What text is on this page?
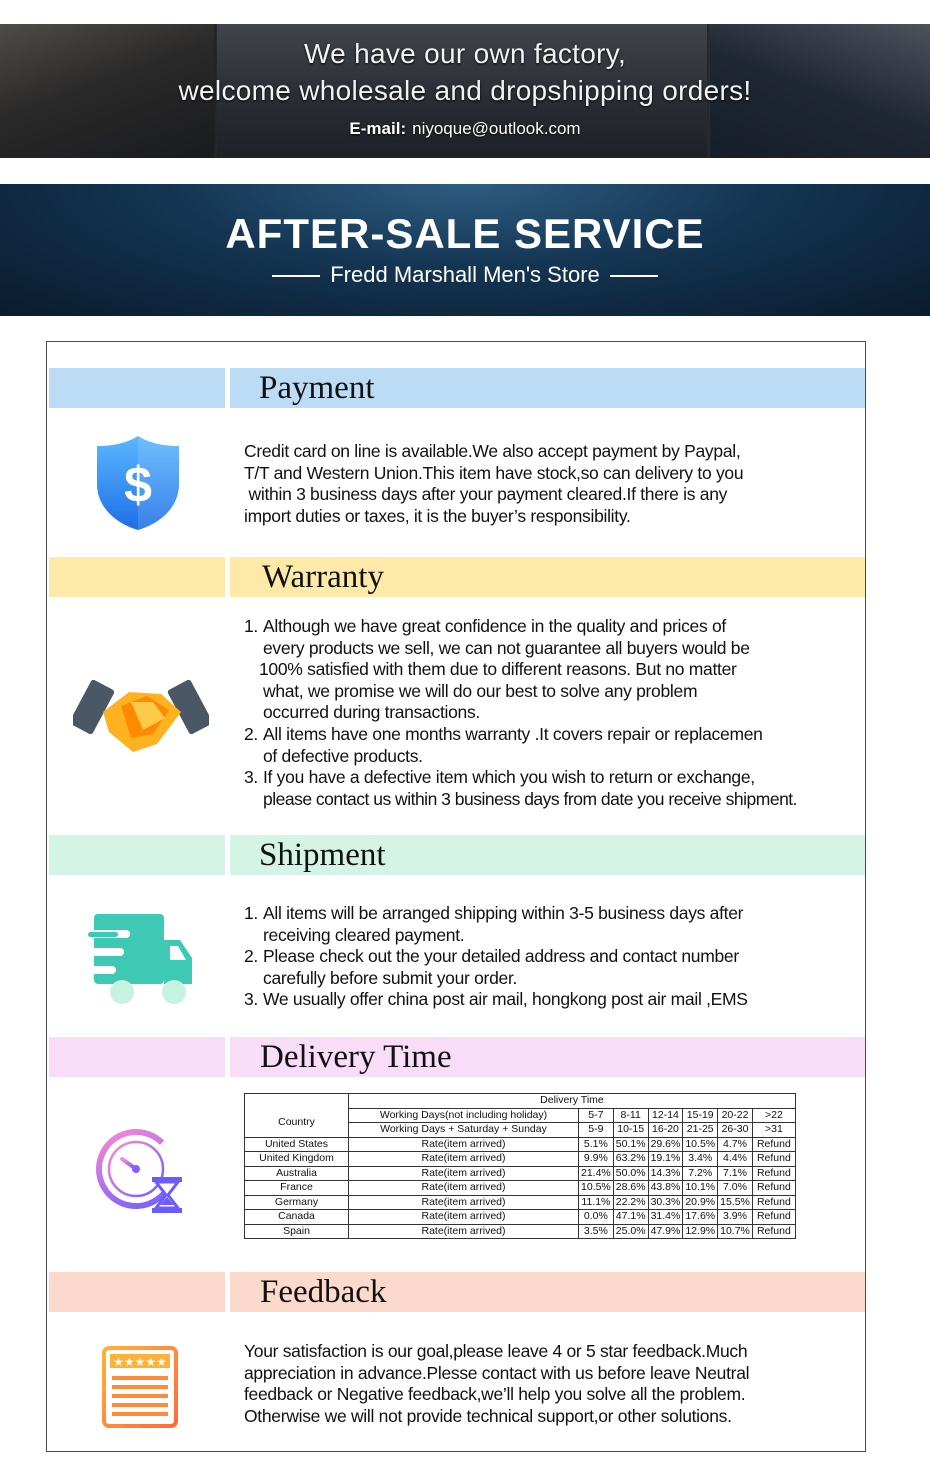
We have our own factory,
welcome wholesale and dropshipping orders!
E-mail: niyoque@outlook.com
AFTER-SALE SERVICE
Fredd Marshall Men's Store
Payment
$

Credit card on line is available.We also accept payment by Paypal,

T/T and Western Union.This item have stock,so can delivery to you

within 3 business days after your payment cleared.If there is any

import duties or taxes, it is the buyer’s responsibility.

Warranty
1. Although we have great confidence in the quality and prices of
every products we sell, we can not guarantee all buyers would be
100% satisfied with them due to different reasons. But no matter
what, we promise we will do our best to solve any problem
occurred during transactions.
2. All items have one months warranty .It covers repair or replacemen
of defective products.
3. If you have a defective item which you wish to return or exchange,
please contact us within 3 business days from date you receive shipment.
Shipment
1. All items will be arranged shipping within 3-5 business days after
receiving cleared payment.
2. Please check out the your detailed address and contact number
carefully before submit your order.
3. We usually offer china post air mail, hongkong post air mail ,EMS
Delivery Time
	Delivery Time						
Country	Working Days(not including holiday)	5-7	8-11	12-14	15-19	20-22	>22
	Working Days + Saturday + Sunday	5-9	10-15	16-20	21-25	26-30	>31
United States	Rate(item arrived)	5.1%	50.1%	29.6%	10.5%	4.7%	Refund
United Kingdom	Rate(item arrived)	9.9%	63.2%	19.1%	3.4%	4.4%	Refund
Australia	Rate(item arrived)	21.4%	50.0%	14.3%	7.2%	7.1%	Refund
France	Rate(item arrived)	10.5%	28.6%	43.8%	10.1%	7.0%	Refund
Germany	Rate(item arrived)	11.1%	22.2%	30.3%	20.9%	15.5%	Refund
Canada	Rate(item arrived)	0.0%	47.1%	31.4%	17.6%	3.9%	Refund
Spain	Rate(item arrived)	3.5%	25.0%	47.9%	12.9%	10.7%	Refund
Feedback
★★★★★

Your satisfaction is our goal,please leave 4 or 5 star feedback.Much

appreciation in advance.Plesse contact with us before leave Neutral

feedback or Negative feedback,we’ll help you solve all the problem.

Otherwise we will not provide technical support,or other solutions.
